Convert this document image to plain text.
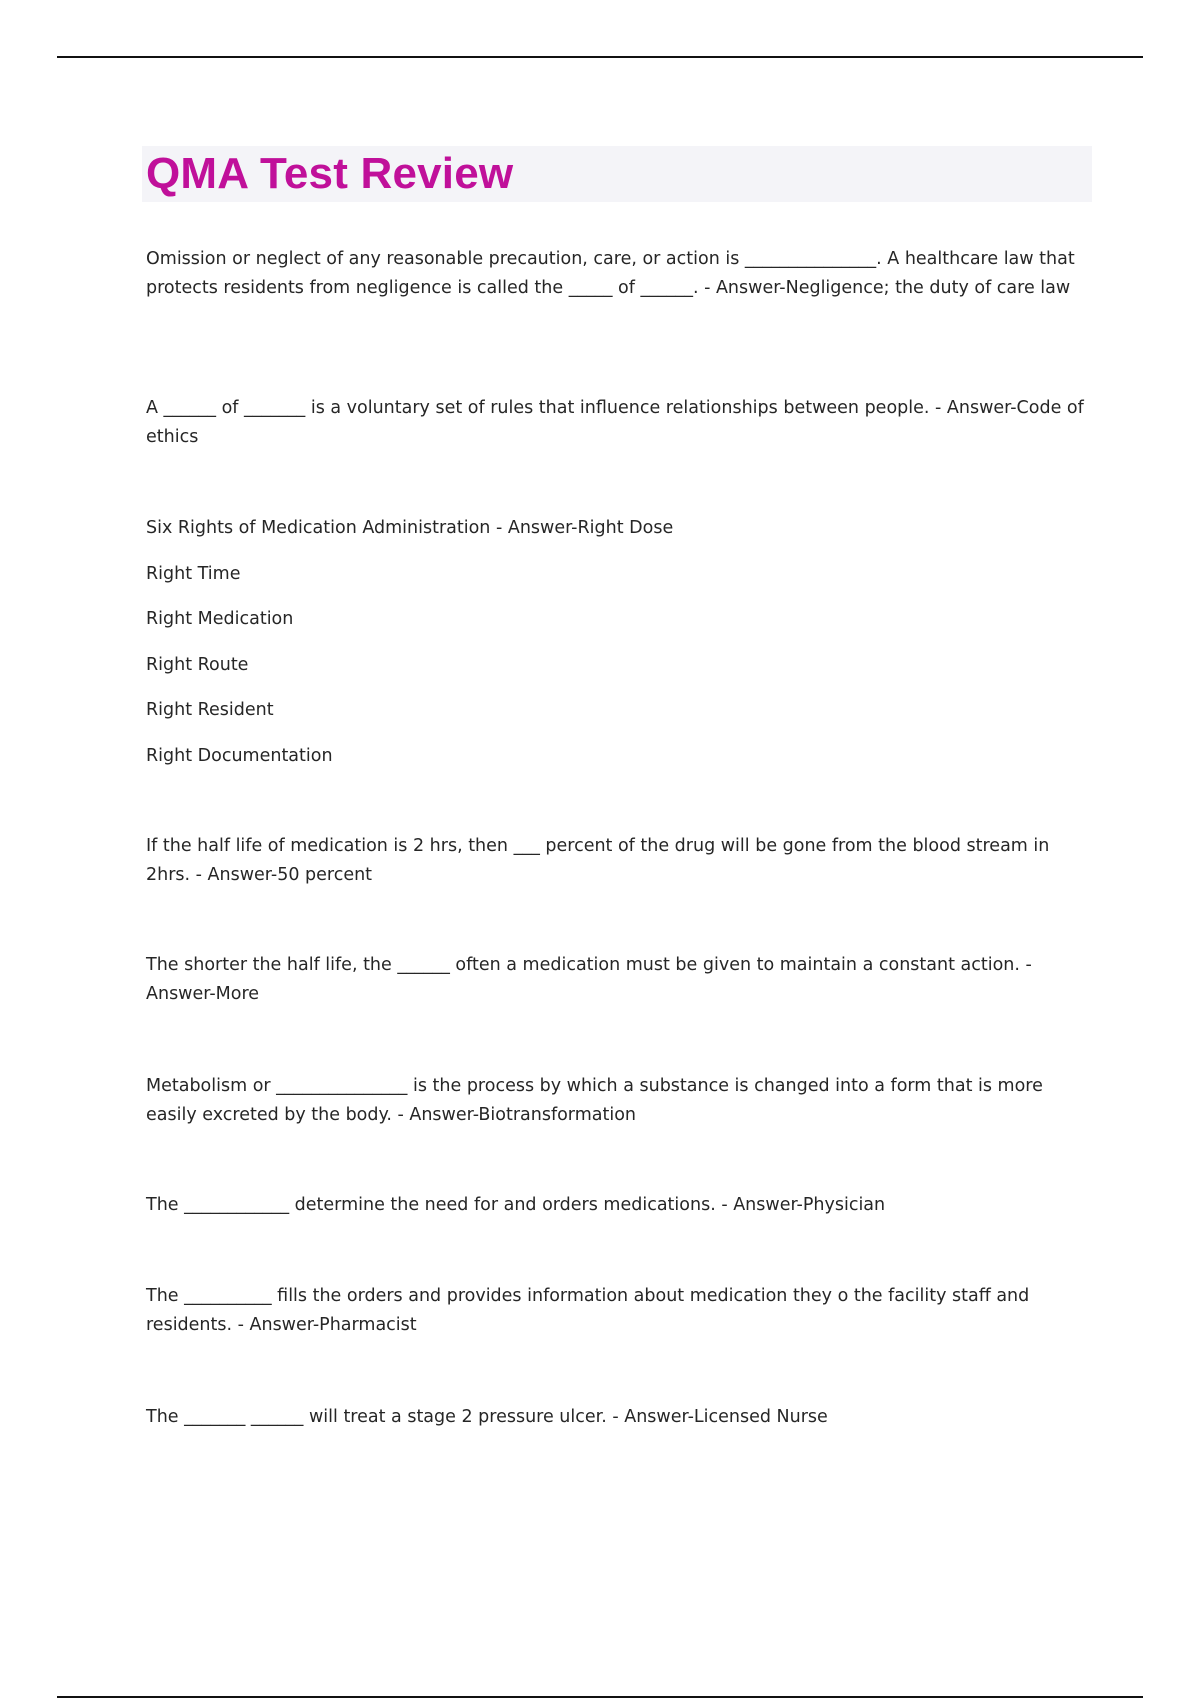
QMA Test Review

Omission or neglect of any reasonable precaution, care, or action is _______________. A healthcare law that protects residents from negligence is called the _____ of ______. - Answer-Negligence; the duty of care law

A ______ of _______ is a voluntary set of rules that influence relationships between people. - Answer-Code of ethics

Six Rights of Medication Administration - Answer-Right Dose

Right Time

Right Medication

Right Route

Right Resident

Right Documentation

If the half life of medication is 2 hrs, then ___ percent of the drug will be gone from the blood stream in 2hrs. - Answer-50 percent

The shorter the half life, the ______ often a medication must be given to maintain a constant action. - Answer-More

Metabolism or _______________ is the process by which a substance is changed into a form that is more easily excreted by the body. - Answer-Biotransformation

The ____________ determine the need for and orders medications. - Answer-Physician

The __________ fills the orders and provides information about medication they o the facility staff and residents. - Answer-Pharmacist

The _______ ______ will treat a stage 2 pressure ulcer. - Answer-Licensed Nurse
